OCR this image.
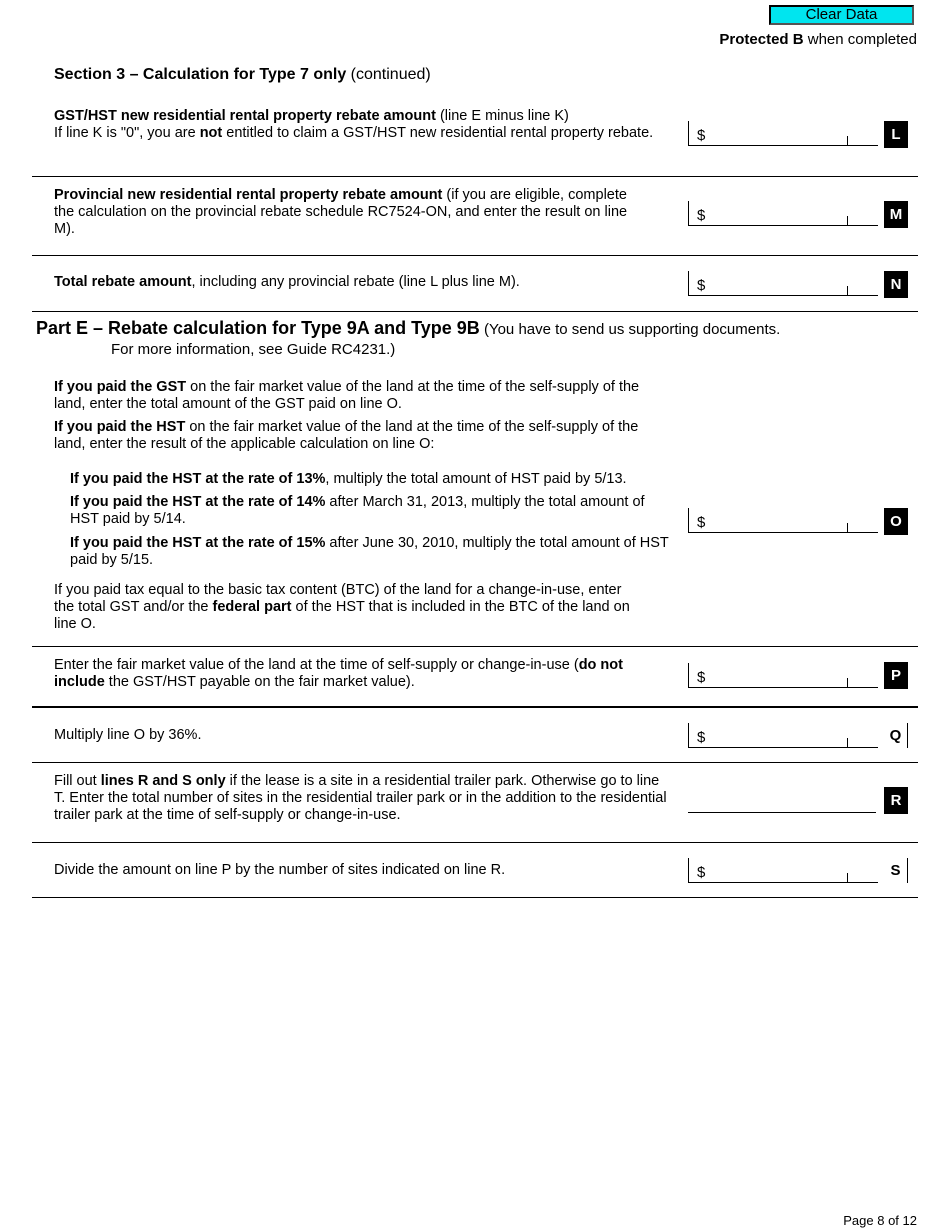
Clear Data
Protected B when completed
Section 3 – Calculation for Type 7 only (continued)

GST/HST new residential rental property rebate amount (line E minus line K)

If line K is "0", you are not entitled to claim a GST/HST new residential rental property rebate.	$	L

Provincial new residential rental property rebate amount (if you are eligible, complete the calculation on the provincial rebate schedule RC7524-ON, and enter the result on line M).

$	M

Total rebate amount, including any provincial rebate (line L plus line M).	$	N
Part E – Rebate calculation for Type 9A and Type 9B (You have to send us supporting documents.
For more information, see Guide RC4231.)

If you paid the GST on the fair market value of the land at the time of the self-supply of the land, enter the total amount of the GST paid on line O.

If you paid the HST on the fair market value of the land at the time of the self-supply of the land, enter the result of the applicable calculation on line O:

If you paid the HST at the rate of 13%, multiply the total amount of HST paid by 5/13.

If you paid the HST at the rate of 14% after March 31, 2013, multiply the total amount of HST paid by 5/14.

If you paid the HST at the rate of 15% after June 30, 2010, multiply the total amount of HST paid by 5/15.

If you paid tax equal to the basic tax content (BTC) of the land for a change-in-use, enter the total GST and/or the federal part of the HST that is included in the BTC of the land on line O.

$	O

Enter the fair market value of the land at the time of self-supply or change-in-use (do not include the GST/HST payable on the fair market value).	$	P

Multiply line O by 36%.	$	Q

Fill out lines R and S only if the lease is a site in a residential trailer park. Otherwise go to line T. Enter the total number of sites in the residential trailer park or in the addition to the residential trailer park at the time of self-supply or change-in-use.

R

Divide the amount on line P by the number of sites indicated on line R.	$	S
Page 8 of 12
